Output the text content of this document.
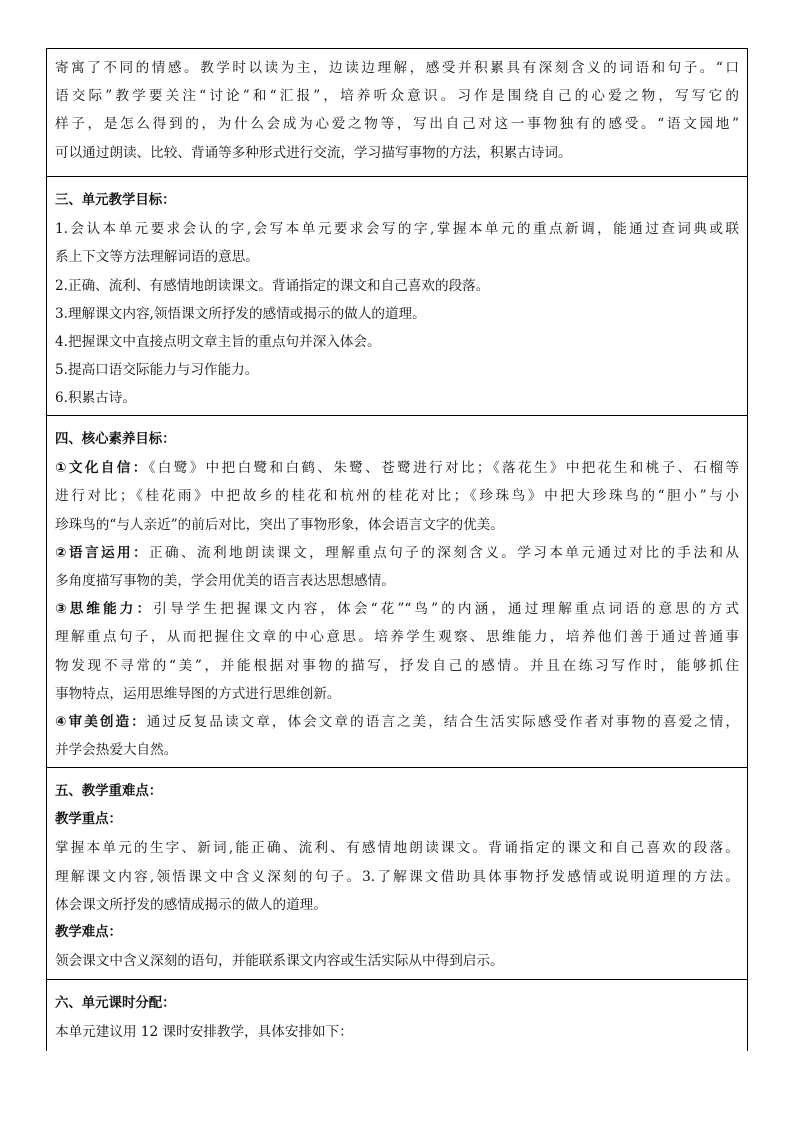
寄寓了不同的情感。教学时以读为主，边读边理解，感受并积累具有深刻含义的词语和句子。“口
语交际”教学要关注“讨论”和“汇报”，培养听众意识。习作是围绕自己的心爱之物，写写它的
样子，是怎么得到的，为什么会成为心爱之物等，写出自己对这一事物独有的感受。“语文园地”
可以通过朗读、比较、背诵等多种形式进行交流，学习描写事物的方法，积累古诗词。
三、单元教学目标：
1.会认本单元要求会认的字,会写本单元要求会写的字,掌握本单元的重点新调，能通过查词典或联
系上下文等方法理解词语的意思。
2.正确、流利、有感情地朗读课文。背诵指定的课文和自己喜欢的段落。
3.理解课文内容,领悟课文所抒发的感情或揭示的做人的道理。
4.把握课文中直接点明文章主旨的重点句并深入体会。
5.提高口语交际能力与习作能力。
6.积累古诗。
四、核心素养目标：
①文化自信：《白鹭》中把白鹭和白鹤、朱鹭、苍鹭进行对比；《落花生》中把花生和桃子、石榴等
进行对比；《桂花雨》中把故乡的桂花和杭州的桂花对比；《珍珠鸟》中把大珍珠鸟的“胆小”与小
珍珠鸟的“与人亲近”的前后对比，突出了事物形象，体会语言文字的优美。
②语言运用：正确、流利地朗读课文，理解重点句子的深刻含义。学习本单元通过对比的手法和从
多角度描写事物的美，学会用优美的语言表达思想感情。
③思维能力：引导学生把握课文内容，体会“花”“鸟”的内涵，通过理解重点词语的意思的方式
理解重点句子，从而把握住文章的中心意思。培养学生观察、思维能力，培养他们善于通过普通事
物发现不寻常的“美”，并能根据对事物的描写，抒发自己的感情。并且在练习写作时，能够抓住
事物特点，运用思维导图的方式进行思维创新。
④审美创造：通过反复品读文章，体会文章的语言之美，结合生活实际感受作者对事物的喜爱之情，
并学会热爱大自然。
五、教学重难点：
教学重点：
掌握本单元的生字、新词,能正确、流利、有感情地朗读课文。背诵指定的课文和自己喜欢的段落。
理解课文内容,领悟课文中含义深刻的句子。3.了解课文借助具体事物抒发感情或说明道理的方法。
体会课文所抒发的感情成揭示的做人的道理。
教学难点：
领会课文中含义深刻的语句，并能联系课文内容或生活实际从中得到启示。
六、单元课时分配：
本单元建议用 12 课时安排教学，具体安排如下：
